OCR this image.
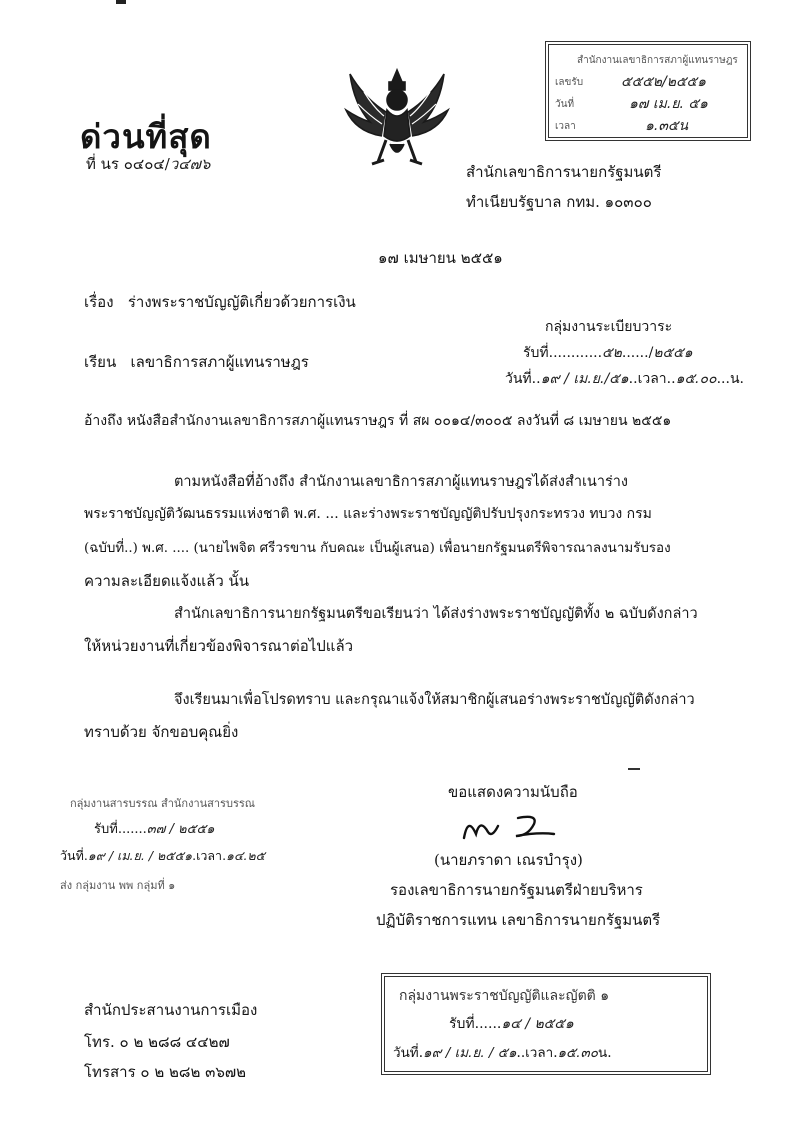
ด่วนที่สุด
ที่ นร ๐๔๐๔/ว๔๗๖	สำนักเลขาธิการนายกรัฐมนตรี
ทำเนียบรัฐบาล กทม. ๑๐๓๐๐
สำนักงานเลขาธิการสภาผู้แทนราษฎร
เลขรับ	๕๕๕๒/๒๕๕๑
วันที่	๑๗ เม.ย. ๕๑
เวลา	๑.๓๕น
๑๗ เมษายน ๒๕๕๑
เรื่อง ร่างพระราชบัญญัติเกี่ยวด้วยการเงิน
กลุ่มงานระเบียบวาระ
รับที่............๕๒....../๒๕๕๑
วันที่..๑๙ / เม.ย./๕๑..เวลา..๑๕.๐๐...น.
เรียน เลขาธิการสภาผู้แทนราษฎร
อ้างถึง หนังสือสำนักงานเลขาธิการสภาผู้แทนราษฎร ที่ สผ ๐๐๑๔/๓๐๐๕ ลงวันที่ ๘ เมษายน ๒๕๕๑
ตามหนังสือที่อ้างถึง สำนักงานเลขาธิการสภาผู้แทนราษฎรได้ส่งสำเนาร่าง
พระราชบัญญัติวัฒนธรรมแห่งชาติ พ.ศ. ... และร่างพระราชบัญญัติปรับปรุงกระทรวง ทบวง กรม
(ฉบับที่..) พ.ศ. .... (นายไพจิต ศรีวรขาน กับคณะ เป็นผู้เสนอ) เพื่อนายกรัฐมนตรีพิจารณาลงนามรับรอง
ความละเอียดแจ้งแล้ว นั้น
สำนักเลขาธิการนายกรัฐมนตรีขอเรียนว่า ได้ส่งร่างพระราชบัญญัติทั้ง ๒ ฉบับดังกล่าว
ให้หน่วยงานที่เกี่ยวข้องพิจารณาต่อไปแล้ว
จึงเรียนมาเพื่อโปรดทราบ และกรุณาแจ้งให้สมาชิกผู้เสนอร่างพระราชบัญญัติดังกล่าว
ทราบด้วย จักขอบคุณยิ่ง
ขอแสดงความนับถือ
(นายภราดา เณรบำรุง)
รองเลขาธิการนายกรัฐมนตรีฝ่ายบริหาร
ปฏิบัติราชการแทน เลขาธิการนายกรัฐมนตรี
กลุ่มงานสารบรรณ สำนักงานสารบรรณ
รับที่.......๓๗ / ๒๕๕๑
วันที่.๑๙ / เม.ย. / ๒๕๕๑.เวลา.๑๔.๒๕
ส่ง กลุ่มงาน พพ กลุ่มที่ ๑
สำนักประสานงานการเมือง
โทร. ๐ ๒ ๒๘๘ ๔๔๒๗
โทรสาร ๐ ๒ ๒๘๒ ๓๖๗๒
กลุ่มงานพระราชบัญญัติและญัตติ ๑
รับที่......๑๔ / ๒๕๕๑
วันที่.๑๙ / เม.ย. / ๕๑..เวลา.๑๕.๓๐น.
